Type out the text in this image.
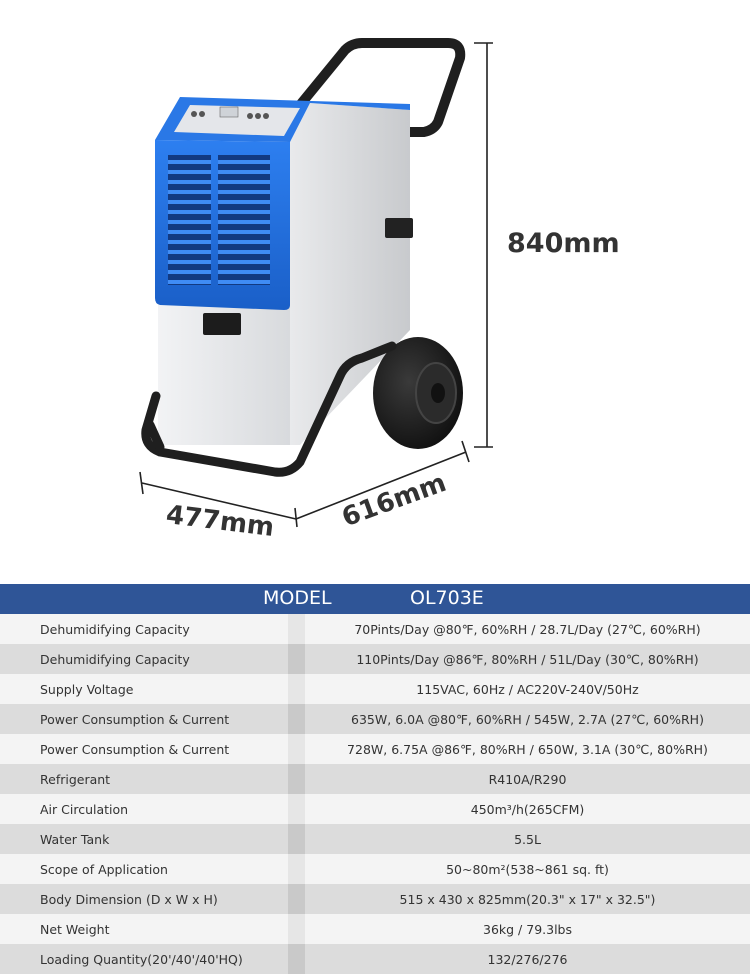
840mm
477mm 616mm
MODEL	OL703E
Dehumidifying Capacity	70Pints/Day @80℉, 60%RH / 28.7L/Day (27℃, 60%RH)
Dehumidifying Capacity	110Pints/Day @86℉, 80%RH / 51L/Day (30℃, 80%RH)
Supply Voltage	115VAC, 60Hz / AC220V-240V/50Hz
Power Consumption & Current	635W, 6.0A @80℉, 60%RH / 545W, 2.7A (27℃, 60%RH)
Power Consumption & Current	728W, 6.75A @86℉, 80%RH / 650W, 3.1A (30℃, 80%RH)
Refrigerant	R410A/R290
Air Circulation	450m³/h(265CFM)
Water Tank	5.5L
Scope of Application	50~80m²(538~861 sq. ft)
Body Dimension (D x W x H)	515 x 430 x 825mm(20.3" x 17" x 32.5")
Net Weight	36kg / 79.3lbs
Loading Quantity(20'/40'/40'HQ)	132/276/276
